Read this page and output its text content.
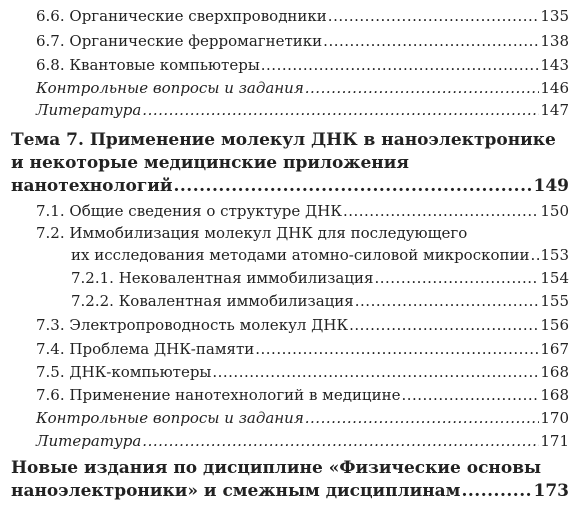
6.6. Органические сверхпроводники .....	135
6.7. Органические ферромагнетики .....	138
6.8. Квантовые компьютеры .....	143
Контрольные вопросы и задания .....	146
Литература .....	147
Тема 7. Применение молекул ДНК в наноэлектронике
и некоторые медицинские приложения
нанотехнологий .....	149
7.1. Общие сведения о структуре ДНК .....	150
7.2. Иммобилизация молекул ДНК для последующего
их исследования методами атомно-силовой микроскопии ..... 153
7.2.1. Нековалентная иммобилизация .....	154
7.2.2. Ковалентная иммобилизация .....	155
7.3. Электропроводность молекул ДНК .....	156
7.4. Проблема ДНК-памяти .....	167
7.5. ДНК-компьютеры .....	168
7.6. Применение нанотехнологий в медицине .....	168
Контрольные вопросы и задания .....	170
Литература .....	171
Новые издания по дисциплине «Физические основы
наноэлектроники» и смежным дисциплинам .....	173
